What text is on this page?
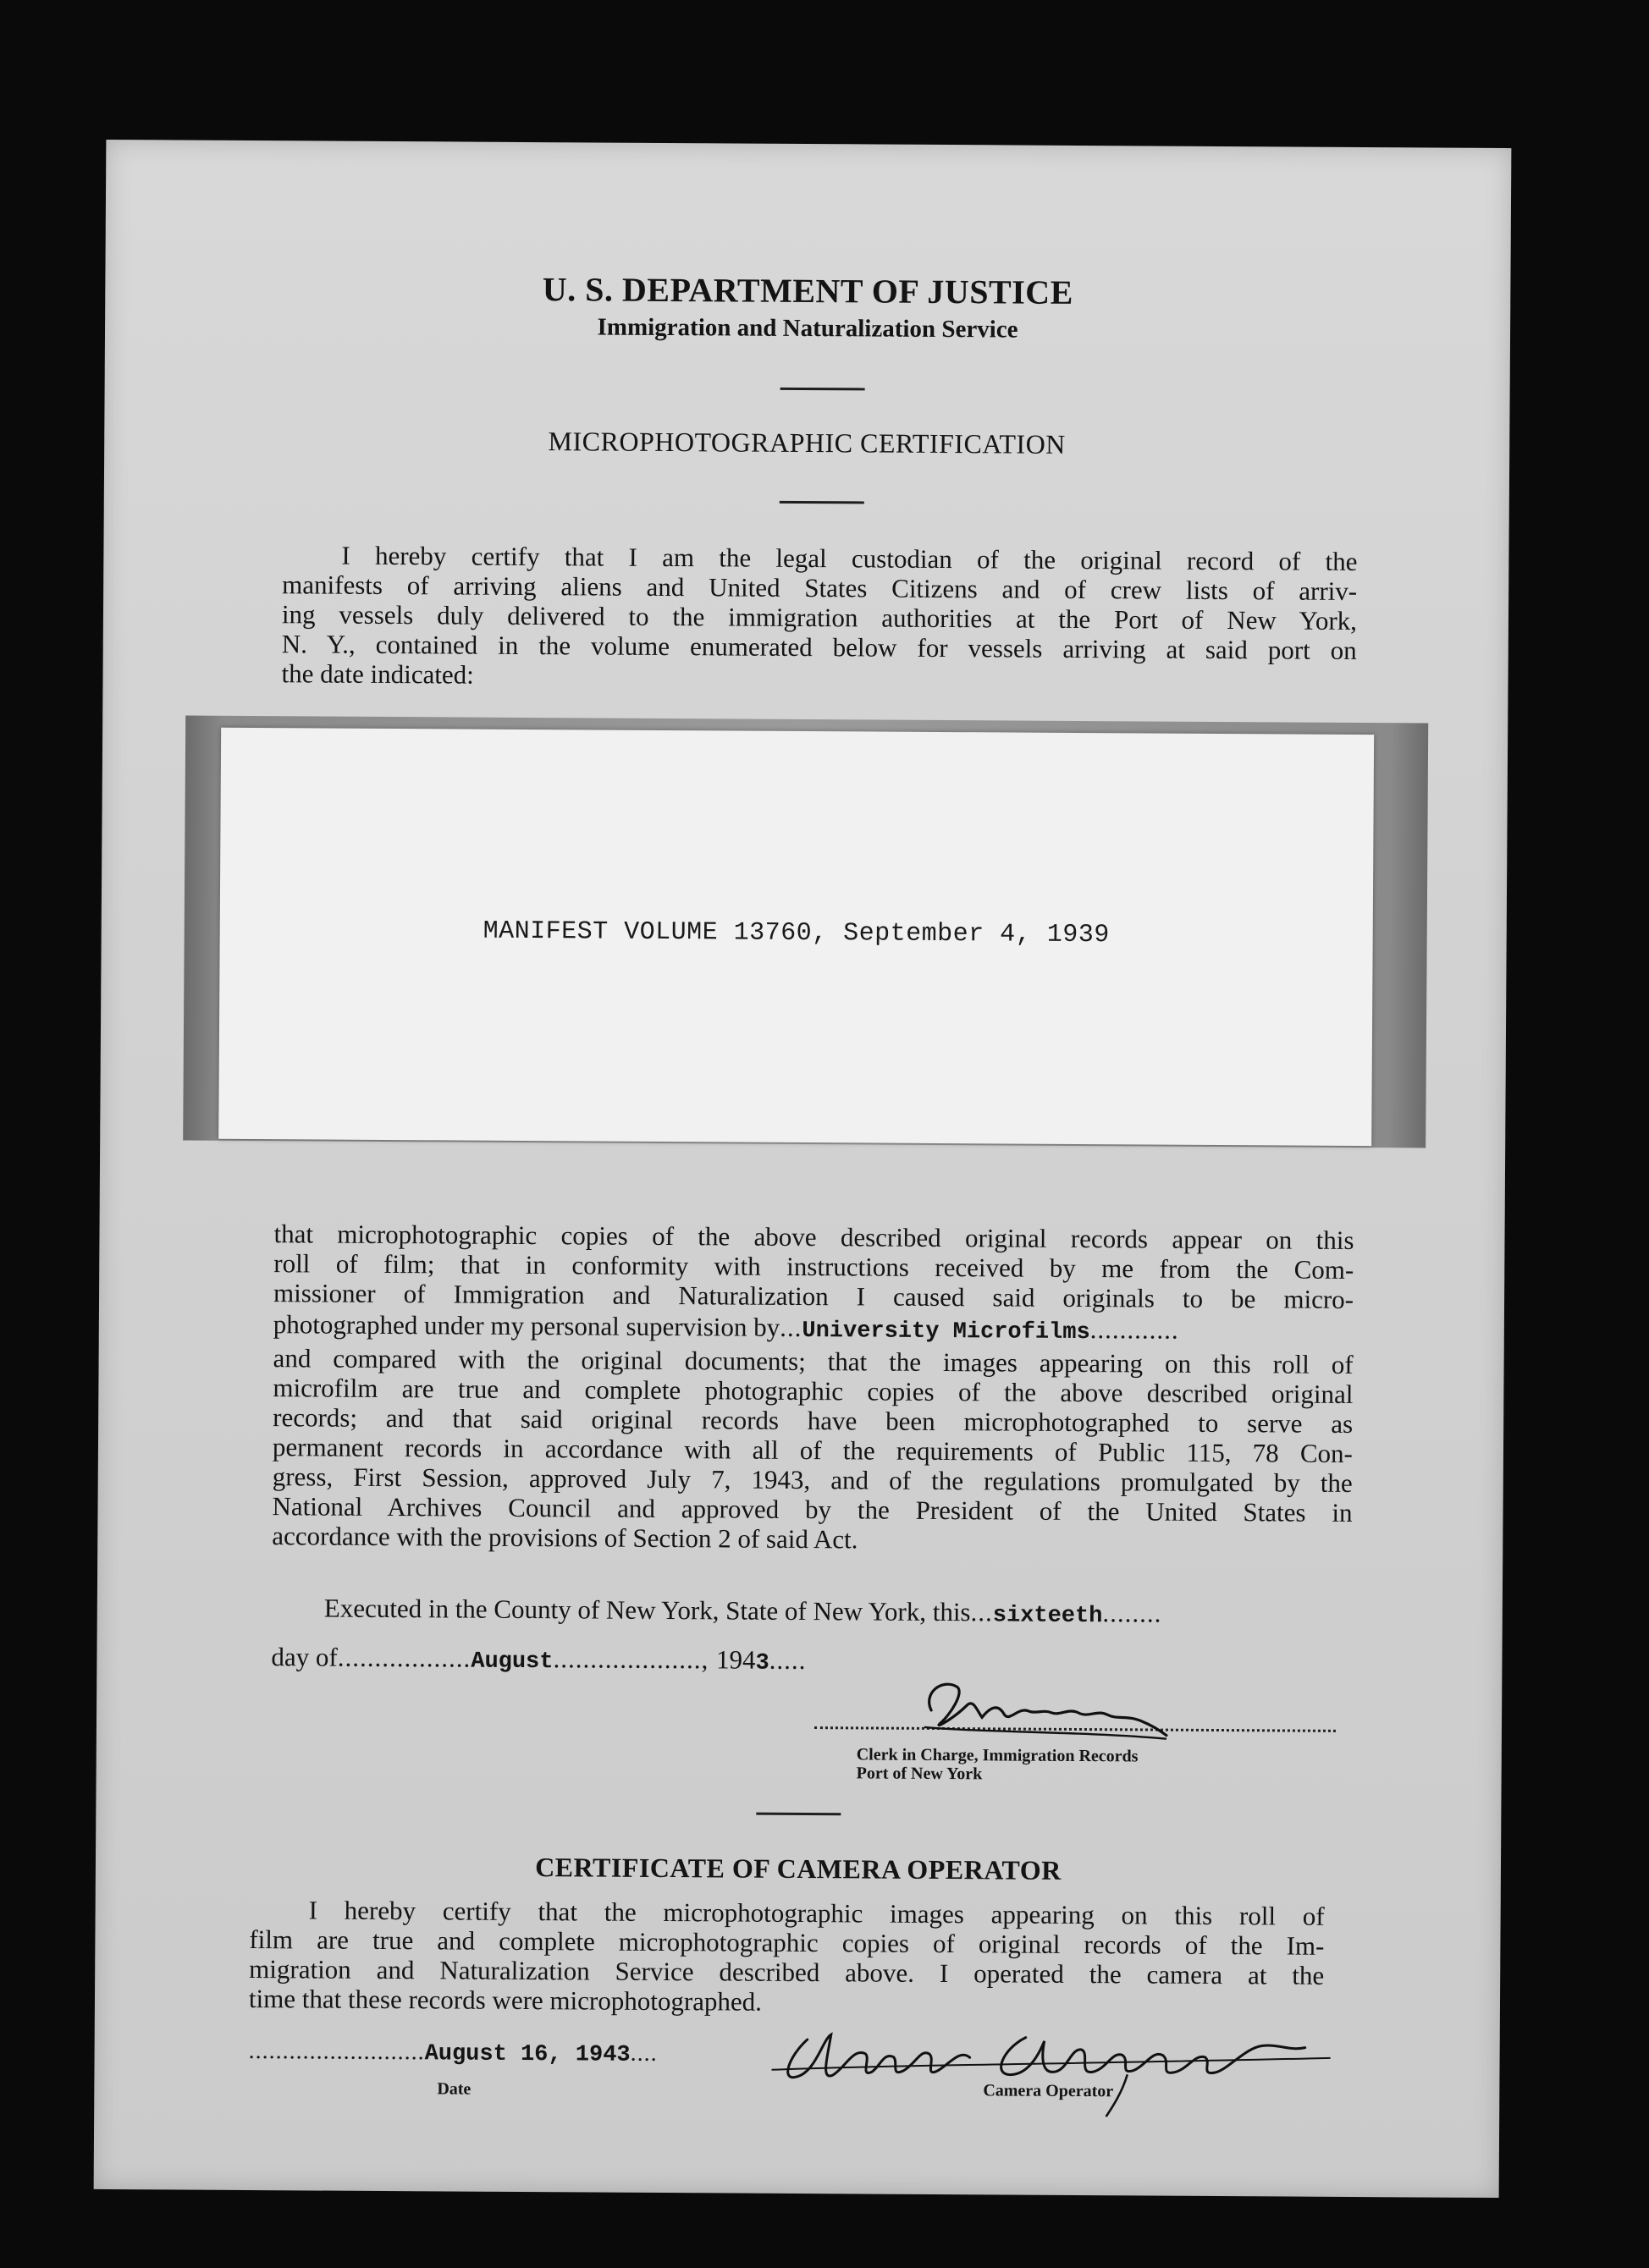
U. S. DEPARTMENT OF JUSTICE
Immigration and Naturalization Service
MICROPHOTOGRAPHIC CERTIFICATION
I hereby certify that I am the legal custodian of the original record of the
manifests of arriving aliens and United States Citizens and of crew lists of arriv-
ing vessels duly delivered to the immigration authorities at the Port of New York,
N. Y., contained in the volume enumerated below for vessels arriving at said port on
the date indicated:
MANIFEST VOLUME 13760, September 4, 1939
that microphotographic copies of the above described original records appear on this
roll of film; that in conformity with instructions received by me from the Com-
missioner of Immigration and Naturalization I caused said originals to be micro-
photographed under my personal supervision by...University Microfilms............
and compared with the original documents; that the images appearing on this roll of
microfilm are true and complete photographic copies of the above described original
records; and that said original records have been microphotographed to serve as
permanent records in accordance with all of the requirements of Public 115, 78 Con-
gress, First Session, approved July 7, 1943, and of the regulations promulgated by the
National Archives Council and approved by the President of the United States in
accordance with the provisions of Section 2 of said Act.
Executed in the County of New York, State of New York, this...sixteeth........
day of..................August...................., 1943.....
Clerk in Charge, Immigration Records
Port of New York
CERTIFICATE OF CAMERA OPERATOR
I hereby certify that the microphotographic images appearing on this roll of
film are true and complete microphotographic copies of original records of the Im-
migration and Naturalization Service described above. I operated the camera at the
time that these records were microphotographed.
..........................August 16, 1943....
Date	Camera Operator
